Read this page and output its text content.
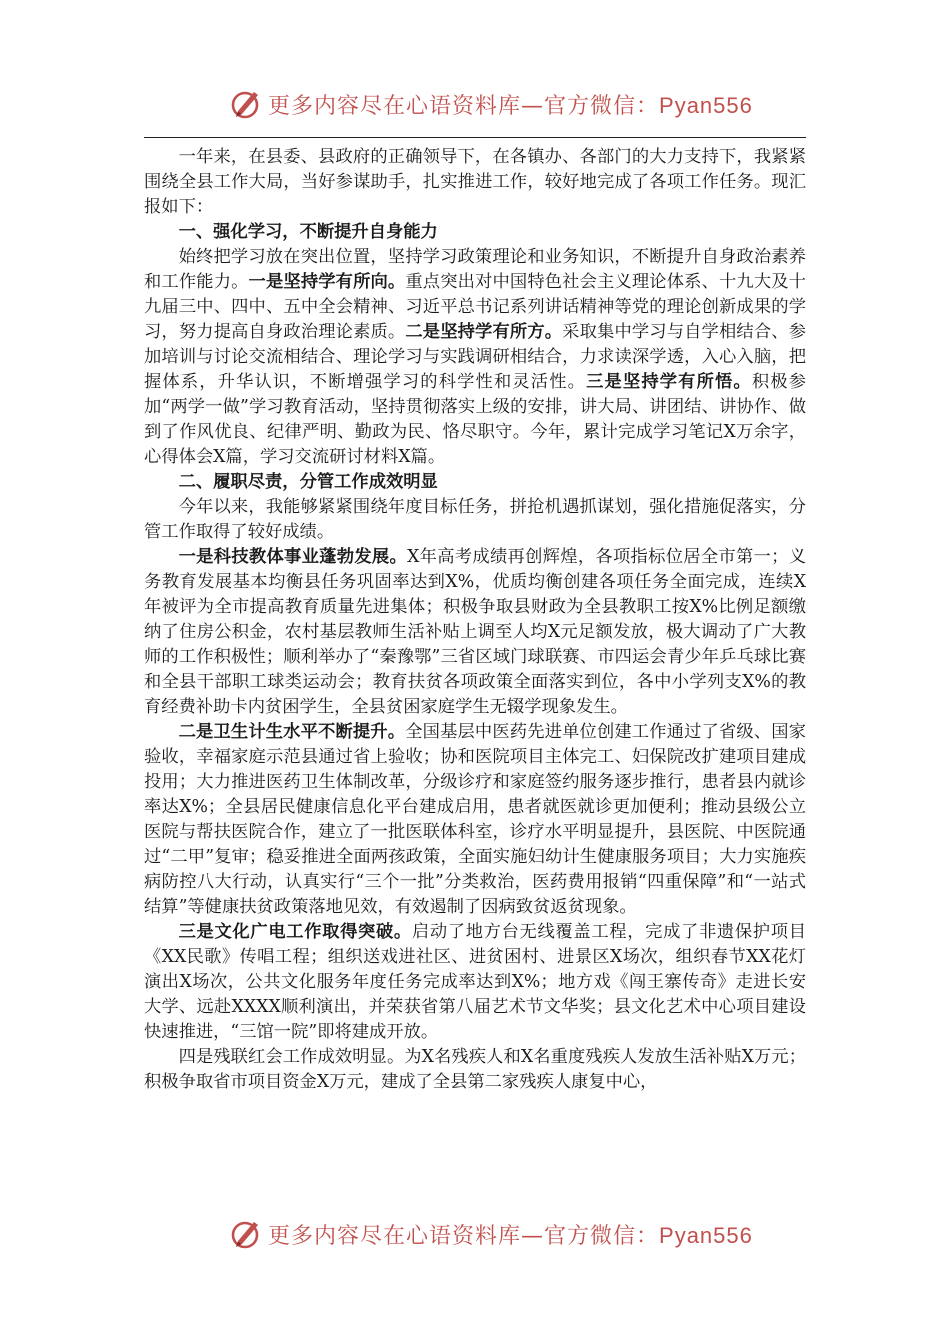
更多内容尽在心语资料库—官方微信：Pyan556

一年来，在县委、县政府的正确领导下，在各镇办、各部门的大力支持下，我紧紧围绕全县工作大局，当好参谋助手，扎实推进工作，较好地完成了各项工作任务。现汇报如下：

一、强化学习，不断提升自身能力

始终把学习放在突出位置，坚持学习政策理论和业务知识，不断提升自身政治素养和工作能力。一是坚持学有所向。重点突出对中国特色社会主义理论体系、十九大及十九届三中、四中、五中全会精神、习近平总书记系列讲话精神等党的理论创新成果的学习，努力提高自身政治理论素质。二是坚持学有所方。采取集中学习与自学相结合、参加培训与讨论交流相结合、理论学习与实践调研相结合，力求读深学透，入心入脑，把握体系，升华认识，不断增强学习的科学性和灵活性。三是坚持学有所悟。积极参加“两学一做”学习教育活动，坚持贯彻落实上级的安排，讲大局、讲团结、讲协作、做到了作风优良、纪律严明、勤政为民、恪尽职守。今年，累计完成学习笔记X万余字，心得体会X篇，学习交流研讨材料X篇。

二、履职尽责，分管工作成效明显

今年以来，我能够紧紧围绕年度目标任务，拼抢机遇抓谋划，强化措施促落实，分管工作取得了较好成绩。

一是科技教体事业蓬勃发展。X年高考成绩再创辉煌，各项指标位居全市第一；义务教育发展基本均衡县任务巩固率达到X%，优质均衡创建各项任务全面完成，连续X年被评为全市提高教育质量先进集体；积极争取县财政为全县教职工按X%比例足额缴纳了住房公积金，农村基层教师生活补贴上调至人均X元足额发放，极大调动了广大教师的工作积极性；顺利举办了“秦豫鄂”三省区域门球联赛、市四运会青少年乒乓球比赛和全县干部职工球类运动会；教育扶贫各项政策全面落实到位，各中小学列支X%的教育经费补助卡内贫困学生，全县贫困家庭学生无辍学现象发生。

二是卫生计生水平不断提升。全国基层中医药先进单位创建工作通过了省级、国家验收，幸福家庭示范县通过省上验收；协和医院项目主体完工、妇保院改扩建项目建成投用；大力推进医药卫生体制改革，分级诊疗和家庭签约服务逐步推行，患者县内就诊率达X%；全县居民健康信息化平台建成启用，患者就医就诊更加便利；推动县级公立医院与帮扶医院合作，建立了一批医联体科室，诊疗水平明显提升，县医院、中医院通过“二甲”复审；稳妥推进全面两孩政策，全面实施妇幼计生健康服务项目；大力实施疾病防控八大行动，认真实行“三个一批”分类救治，医药费用报销“四重保障”和“一站式结算”等健康扶贫政策落地见效，有效遏制了因病致贫返贫现象。

三是文化广电工作取得突破。启动了地方台无线覆盖工程，完成了非遗保护项目《XX民歌》传唱工程；组织送戏进社区、进贫困村、进景区X场次，组织春节XX花灯演出X场次，公共文化服务年度任务完成率达到X%；地方戏《闯王寨传奇》走进长安大学、远赴XXXX顺利演出，并荣获省第八届艺术节文华奖；县文化艺术中心项目建设快速推进，“三馆一院”即将建成开放。

四是残联红会工作成效明显。为X名残疾人和X名重度残疾人发放生活补贴X万元；积极争取省市项目资金X万元，建成了全县第二家残疾人康复中心，

更多内容尽在心语资料库—官方微信：Pyan556
